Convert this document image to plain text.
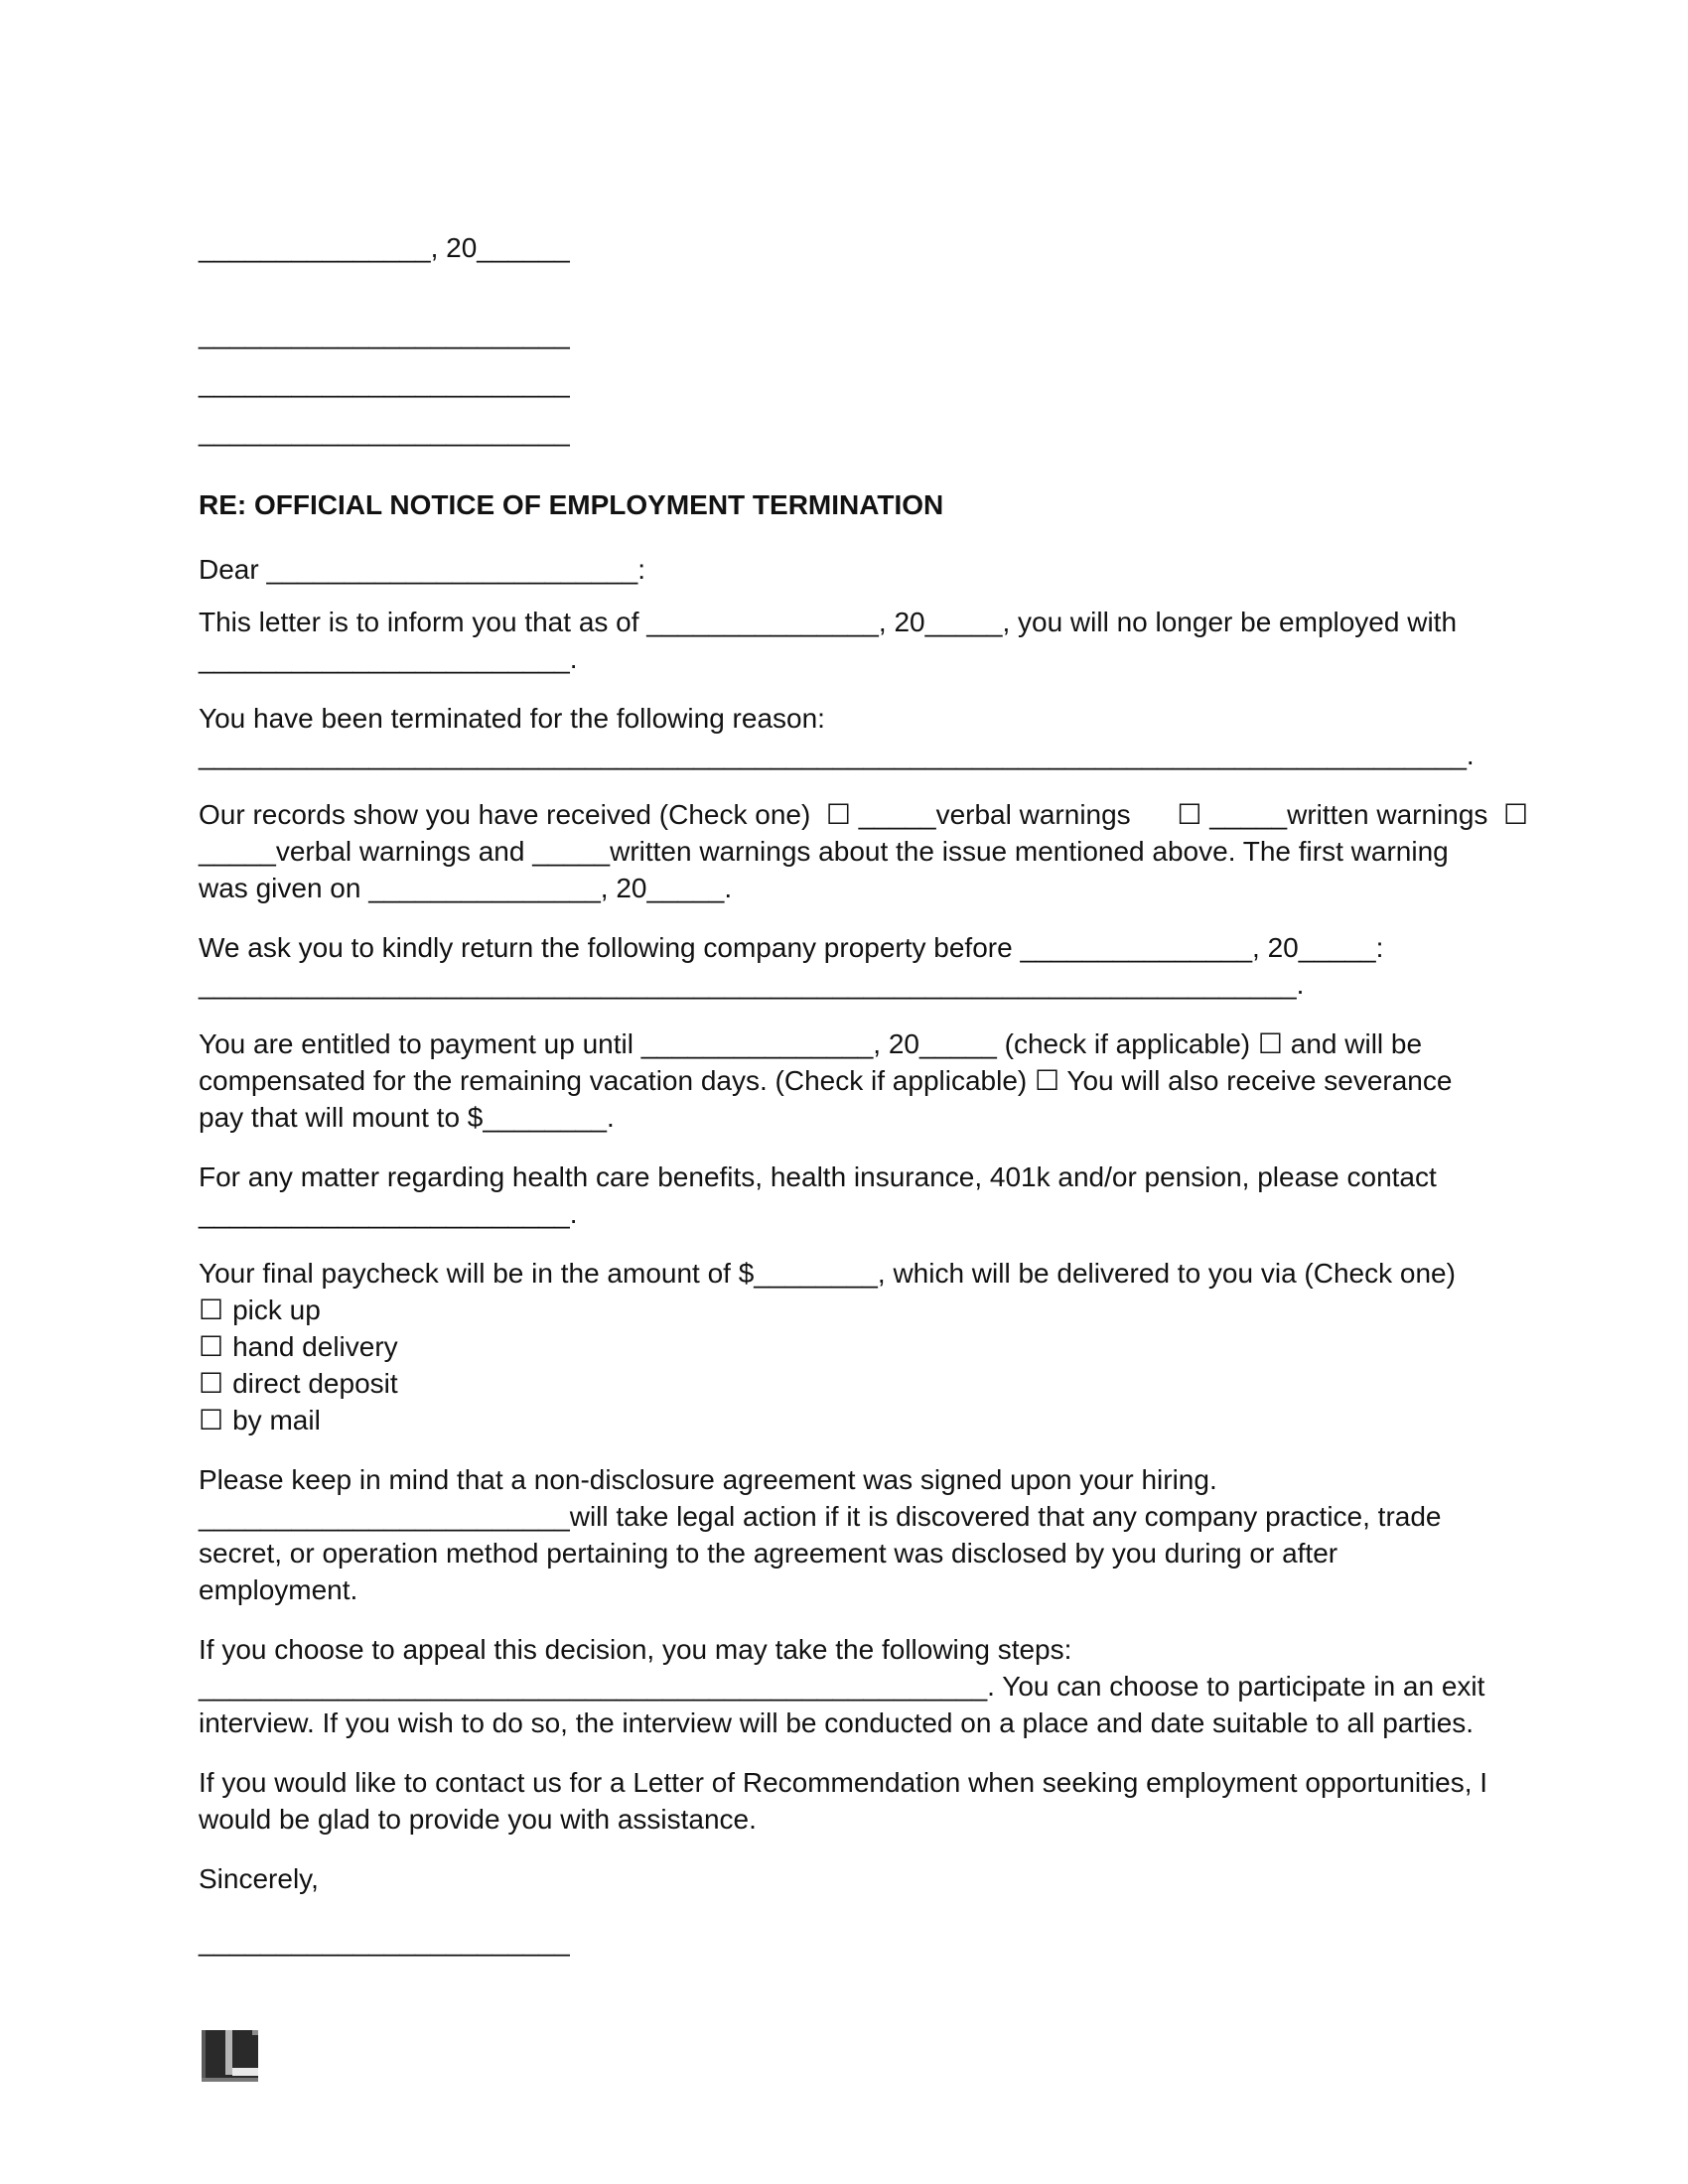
_______________, 20______
________________________
________________________
________________________
RE: OFFICIAL NOTICE OF EMPLOYMENT TERMINATION
Dear ________________________:
This letter is to inform you that as of _______________, 20_____, you will no longer be employed with
________________________.
You have been terminated for the following reason:
__________________________________________________________________________________.
Our records show you have received (Check one)  ☐ _____verbal warnings      ☐ _____written warnings  ☐
_____verbal warnings and _____written warnings about the issue mentioned above. The first warning
was given on _______________, 20_____.
We ask you to kindly return the following company property before _______________, 20_____:
_______________________________________________________________________.
You are entitled to payment up until _______________, 20_____ (check if applicable) ☐ and will be
compensated for the remaining vacation days. (Check if applicable) ☐ You will also receive severance
pay that will mount to $________.
For any matter regarding health care benefits, health insurance, 401k and/or pension, please contact
________________________.
Your final paycheck will be in the amount of $________, which will be delivered to you via (Check one)
☐ pick up
☐ hand delivery
☐ direct deposit
☐ by mail
Please keep in mind that a non-disclosure agreement was signed upon your hiring.
________________________will take legal action if it is discovered that any company practice, trade
secret, or operation method pertaining to the agreement was disclosed by you during or after
employment.
If you choose to appeal this decision, you may take the following steps:
___________________________________________________. You can choose to participate in an exit
interview. If you wish to do so, the interview will be conducted on a place and date suitable to all parties.
If you would like to contact us for a Letter of Recommendation when seeking employment opportunities, I
would be glad to provide you with assistance.
Sincerely,
________________________
